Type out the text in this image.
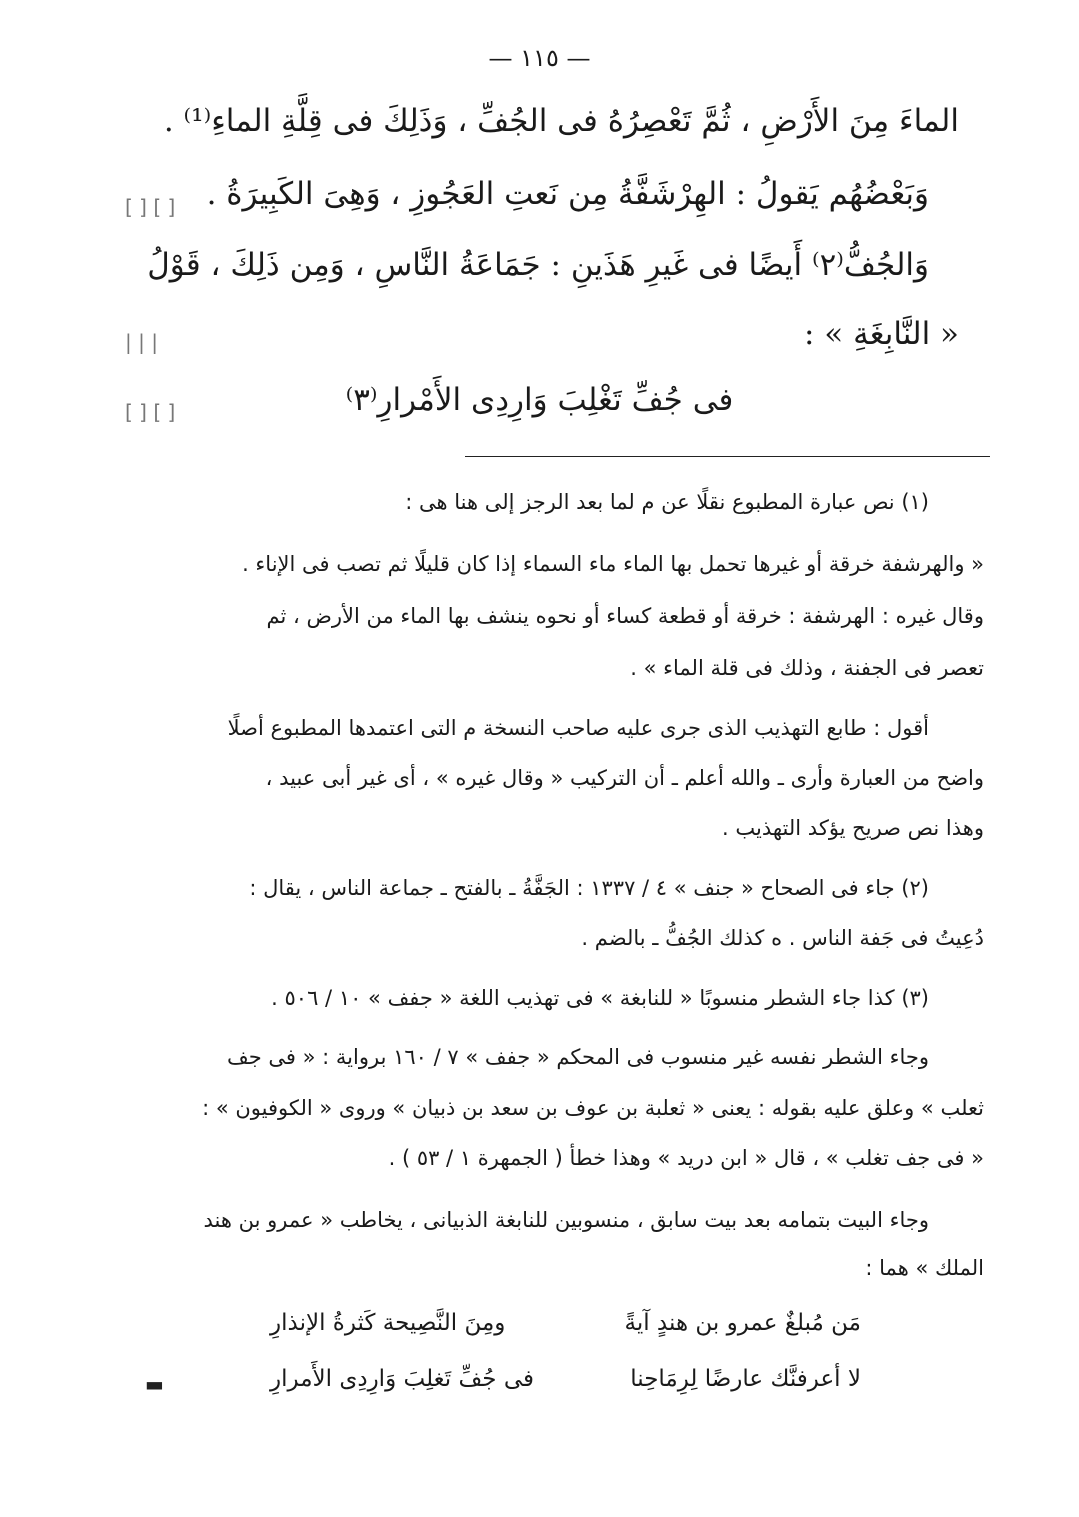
— ١١٥ —
الماءَ مِنَ الأَرْضِ ، ثُمَّ تَعْصِرُهُ فى الجُفِّ ، وَذَلِكَ فى قِلَّةِ الماءِ⁽¹⁾ .
وَبَعْضُهُم يَقولُ : الهِرْشَفَّةُ مِن نَعتِ العَجُوزِ ، وَهِىَ الكَبِيرَةُ .
وَالجُفُّ⁽٢⁾ أَيضًا فى غَيرِ هَذَينِ : جَمَاعَةُ النَّاسِ ، وَمِن ذَلِكَ ، قَوْلُ
« النَّابِغَةِ » :
فى جُفِّ تَغْلِبَ وَارِدِى الأَمْرارِ⁽٣⁾
[ ] [ ]
| | |
[ ] [ ]
(١) نص عبارة المطبوع نقلًا عن م لما بعد الرجز إلى هنا هى :
« والهرشفة خرقة أو غيرها تحمل بها الماء ماء السماء إذا كان قليلًا ثم تصب فى الإناء .
وقال غيره : الهرشفة : خرقة أو قطعة كساء أو نحوه ينشف بها الماء من الأرض ، ثم
تعصر فى الجفنة ، وذلك فى قلة الماء » .
أقول : طابع التهذيب الذى جرى عليه صاحب النسخة م التى اعتمدها المطبوع أصلًا
واضح من العبارة وأرى ـ والله أعلم ـ أن التركيب « وقال غيره » ، أى غير أبى عبيد ،
وهذا نص صريح يؤكد التهذيب .
(٢) جاء فى الصحاح « جنف » ٤ / ١٣٣٧ : الجَفَّةُ ـ بالفتح ـ جماعة الناس ، يقال :
دُعِيتُ فى جَفة الناس . ه كذلك الجُفُّ ـ بالضم .
(٣) كذا جاء الشطر منسوبًا « للنابغة » فى تهذيب اللغة « جفف » ١٠ / ٥٠٦ .
وجاء الشطر نفسه غير منسوب فى المحكم « جفف » ٧ / ١٦٠ برواية : « فى جف
ثعلب » وعلق عليه بقوله : يعنى « ثعلبة بن عوف بن سعد بن ذبيان » وروى « الكوفيون » :
« فى جف تغلب » ، قال « ابن دريد » وهذا خطأ ( الجمهرة ١ / ٥٣ ) .
وجاء البيت بتمامه بعد بيت سابق ، منسوبين للنابغة الذبيانى ، يخاطب « عمرو بن هند
الملك » هما :
مَن مُبلغٌ عمرو بن هندٍ آيةً
ومِنَ النَّصِيحة كَثرةُ الإنذارِ
لا أعرفنَّك عارضًا لِرِمَاحِنا
فى جُفِّ تَغلِبَ وَارِدِى الأَمرارِ
▬
